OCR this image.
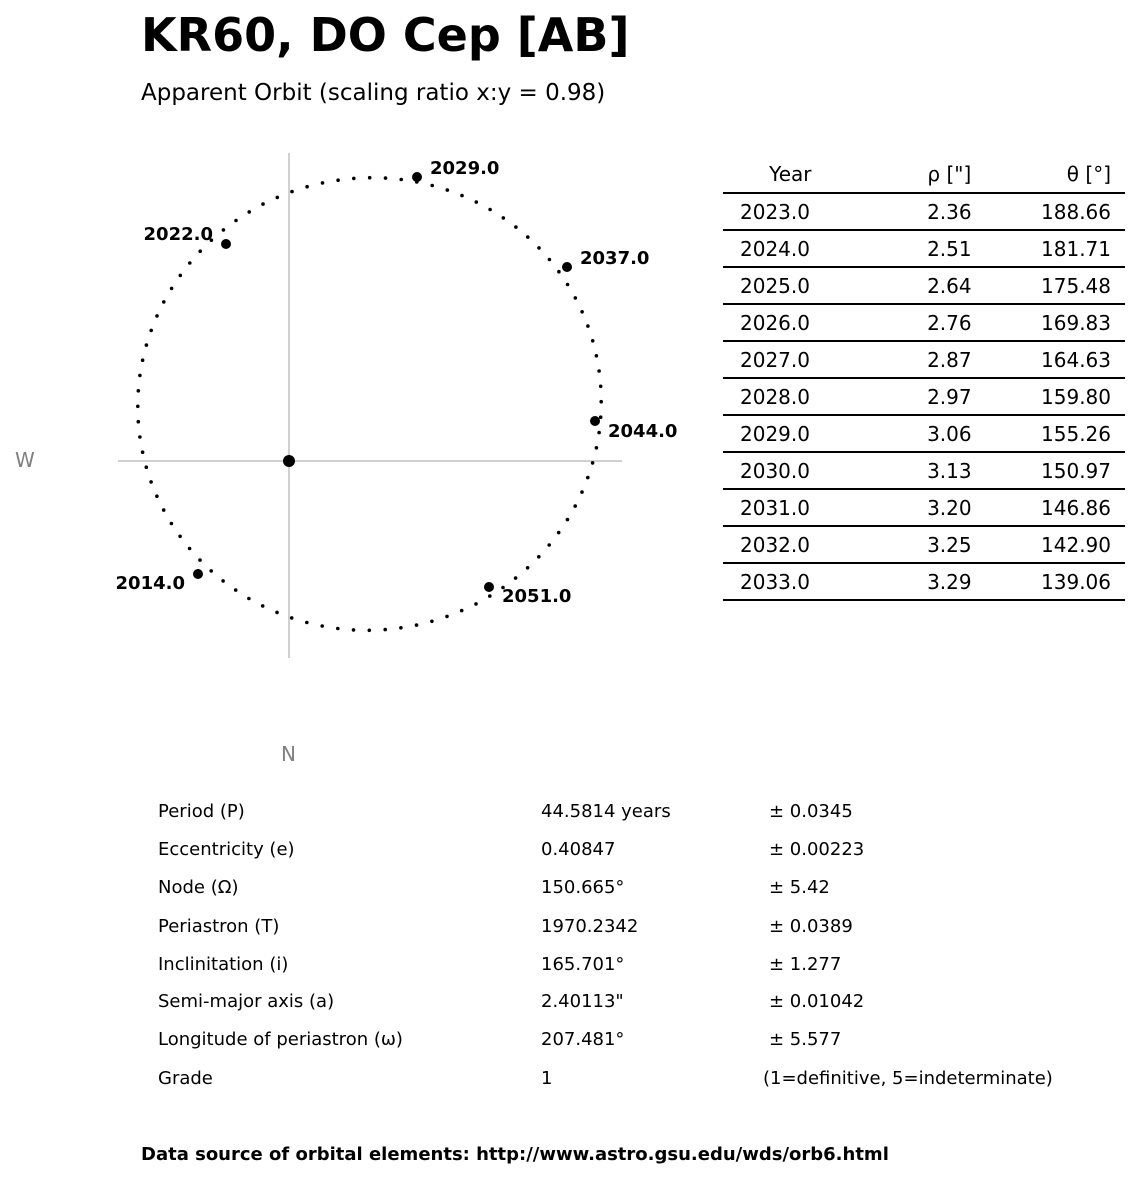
KR60, DO Cep [AB]
Apparent Orbit (scaling ratio x:y = 0.98)
2014.0
2022.0
2029.0
2037.0
2044.0
2051.0
W
N
Year	ρ ["]	θ [°]
2023.0	2.36	188.66
2024.0	2.51	181.71
2025.0	2.64	175.48
2026.0	2.76	169.83
2027.0	2.87	164.63
2028.0	2.97	159.80
2029.0	3.06	155.26
2030.0	3.13	150.97
2031.0	3.20	146.86
2032.0	3.25	142.90
2033.0	3.29	139.06
Period (P)	44.5814 years	± 0.0345
Eccentricity (e)	0.40847	± 0.00223
Node (Ω)	150.665°	± 5.42
Periastron (T)	1970.2342	± 0.0389
Inclinitation (i)	165.701°	± 1.277
Semi-major axis (a)	2.40113"	± 0.01042
Longitude of periastron (ω)	207.481°	± 5.577
Grade	1	(1=definitive, 5=indeterminate)
Data source of orbital elements: http://www.astro.gsu.edu/wds/orb6.html
